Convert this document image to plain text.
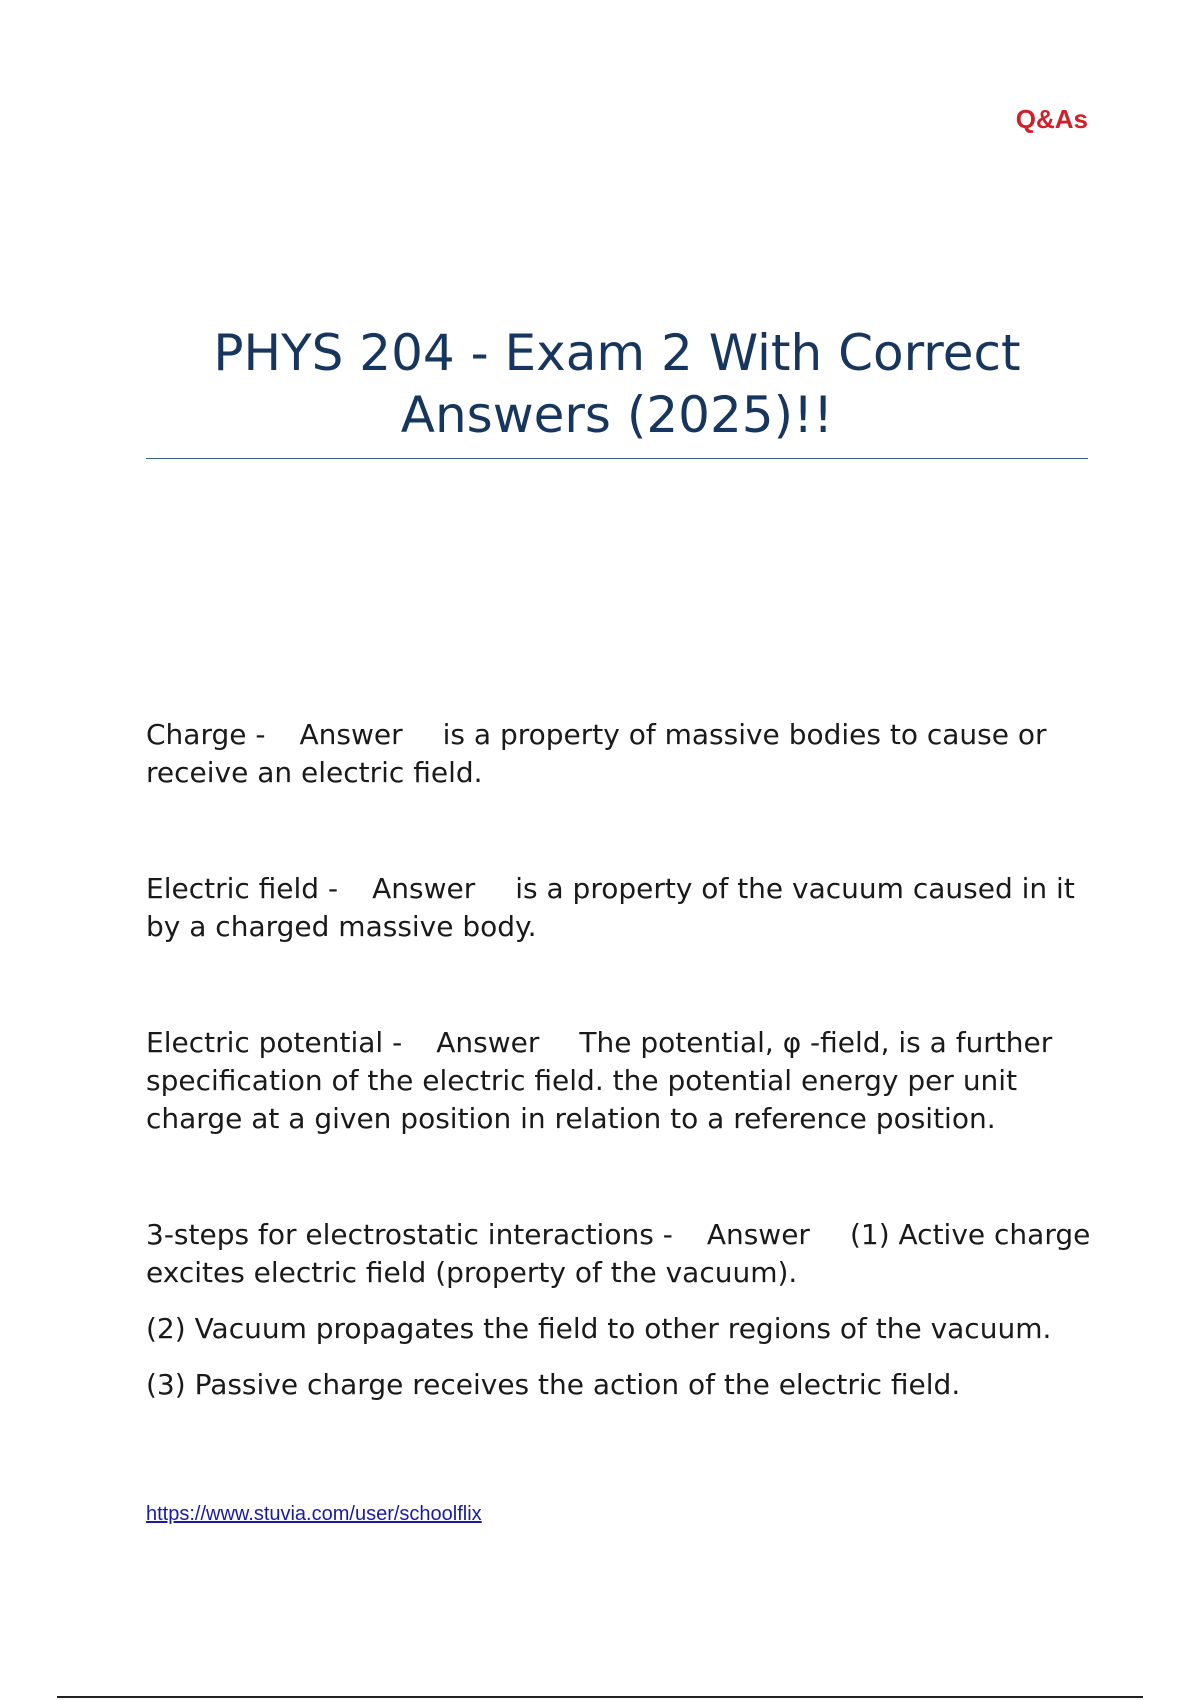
Q&As
PHYS 204 - Exam 2 With Correct Answers (2025)!!

Charge - Answer is a property of massive bodies to cause or receive an electric field.

Electric field - Answer is a property of the vacuum caused in it by a charged massive body.

Electric potential - Answer The potential, φ -field, is a further specification of the electric field. the potential energy per unit charge at a given position in relation to a reference position.

3-steps for electrostatic interactions - Answer (1) Active charge excites electric field (property of the vacuum).

(2) Vacuum propagates the field to other regions of the vacuum.

(3) Passive charge receives the action of the electric field.

https://www.stuvia.com/user/schoolflix
